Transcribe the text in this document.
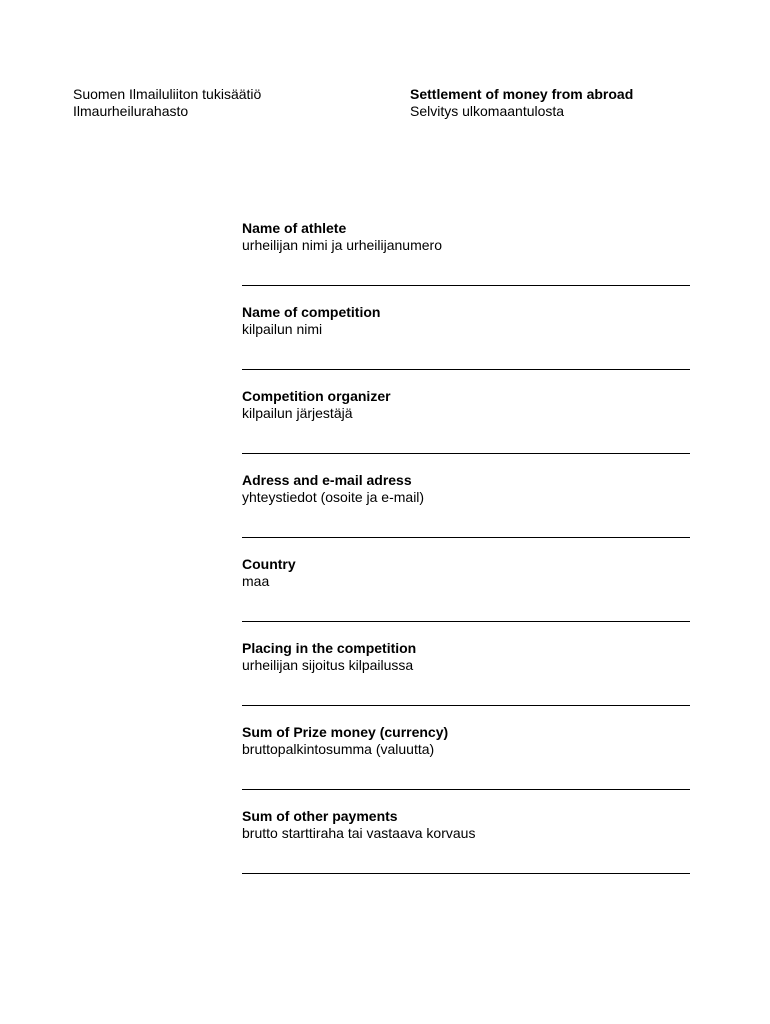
Suomen Ilmailuliiton tukisäätiö
Ilmaurheilurahasto
Settlement of money from abroad
Selvitys ulkomaantulosta
Name of athlete
urheilijan nimi ja urheilijanumero
Name of competition
kilpailun nimi
Competition organizer
kilpailun järjestäjä
Adress and e-mail adress
yhteystiedot (osoite ja e-mail)
Country
maa
Placing in the competition
urheilijan sijoitus kilpailussa
Sum of Prize money (currency)
bruttopalkintosumma (valuutta)
Sum of other payments
brutto starttiraha tai vastaava korvaus
